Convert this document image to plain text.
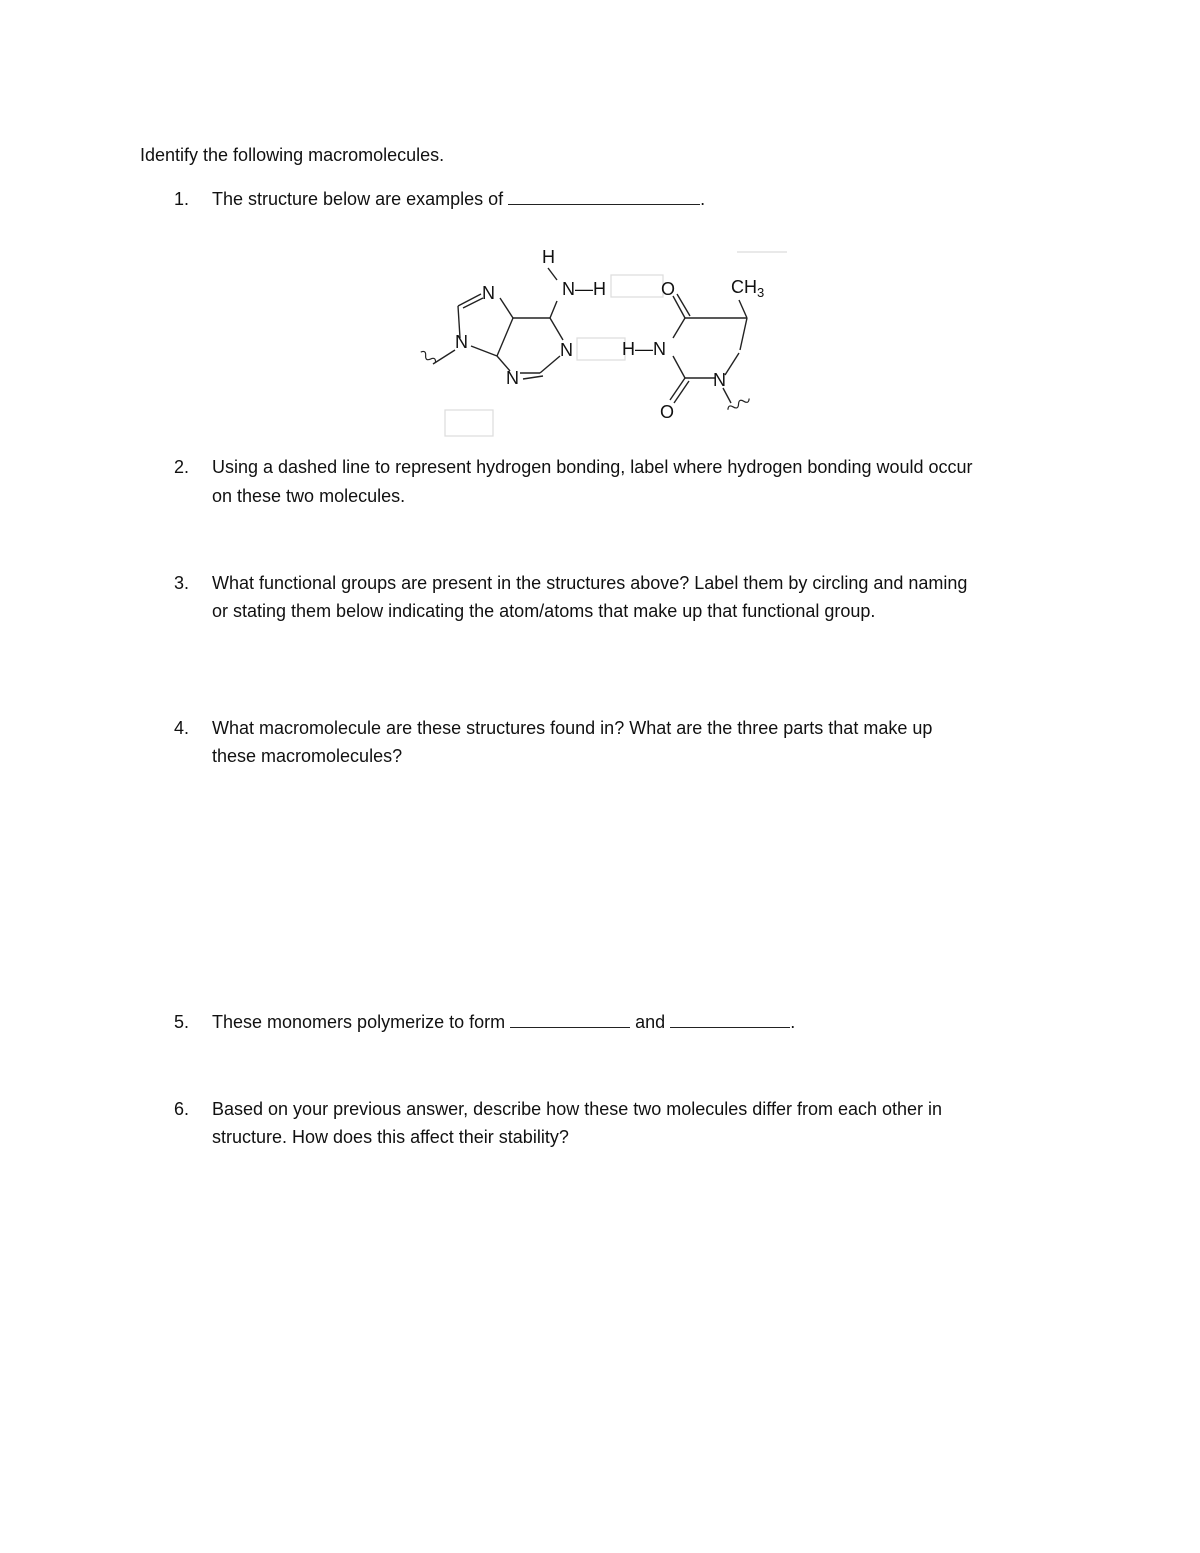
Identify the following macromolecules.
1. The structure below are examples of	.
H
N—H
N
N	N
N
O	$CH_3$
H—N
N
O
2. Using a dashed line to represent hydrogen bonding, label where hydrogen bonding would occur
on these two molecules.
3. What functional groups are present in the structures above? Label them by circling and naming
or stating them below indicating the atom/atoms that make up that functional group.
4. What macromolecule are these structures found in? What are the three parts that make up
these macromolecules?
5. These monomers polymerize to form	and	.
6. Based on your previous answer, describe how these two molecules differ from each other in
structure. How does this affect their stability?
